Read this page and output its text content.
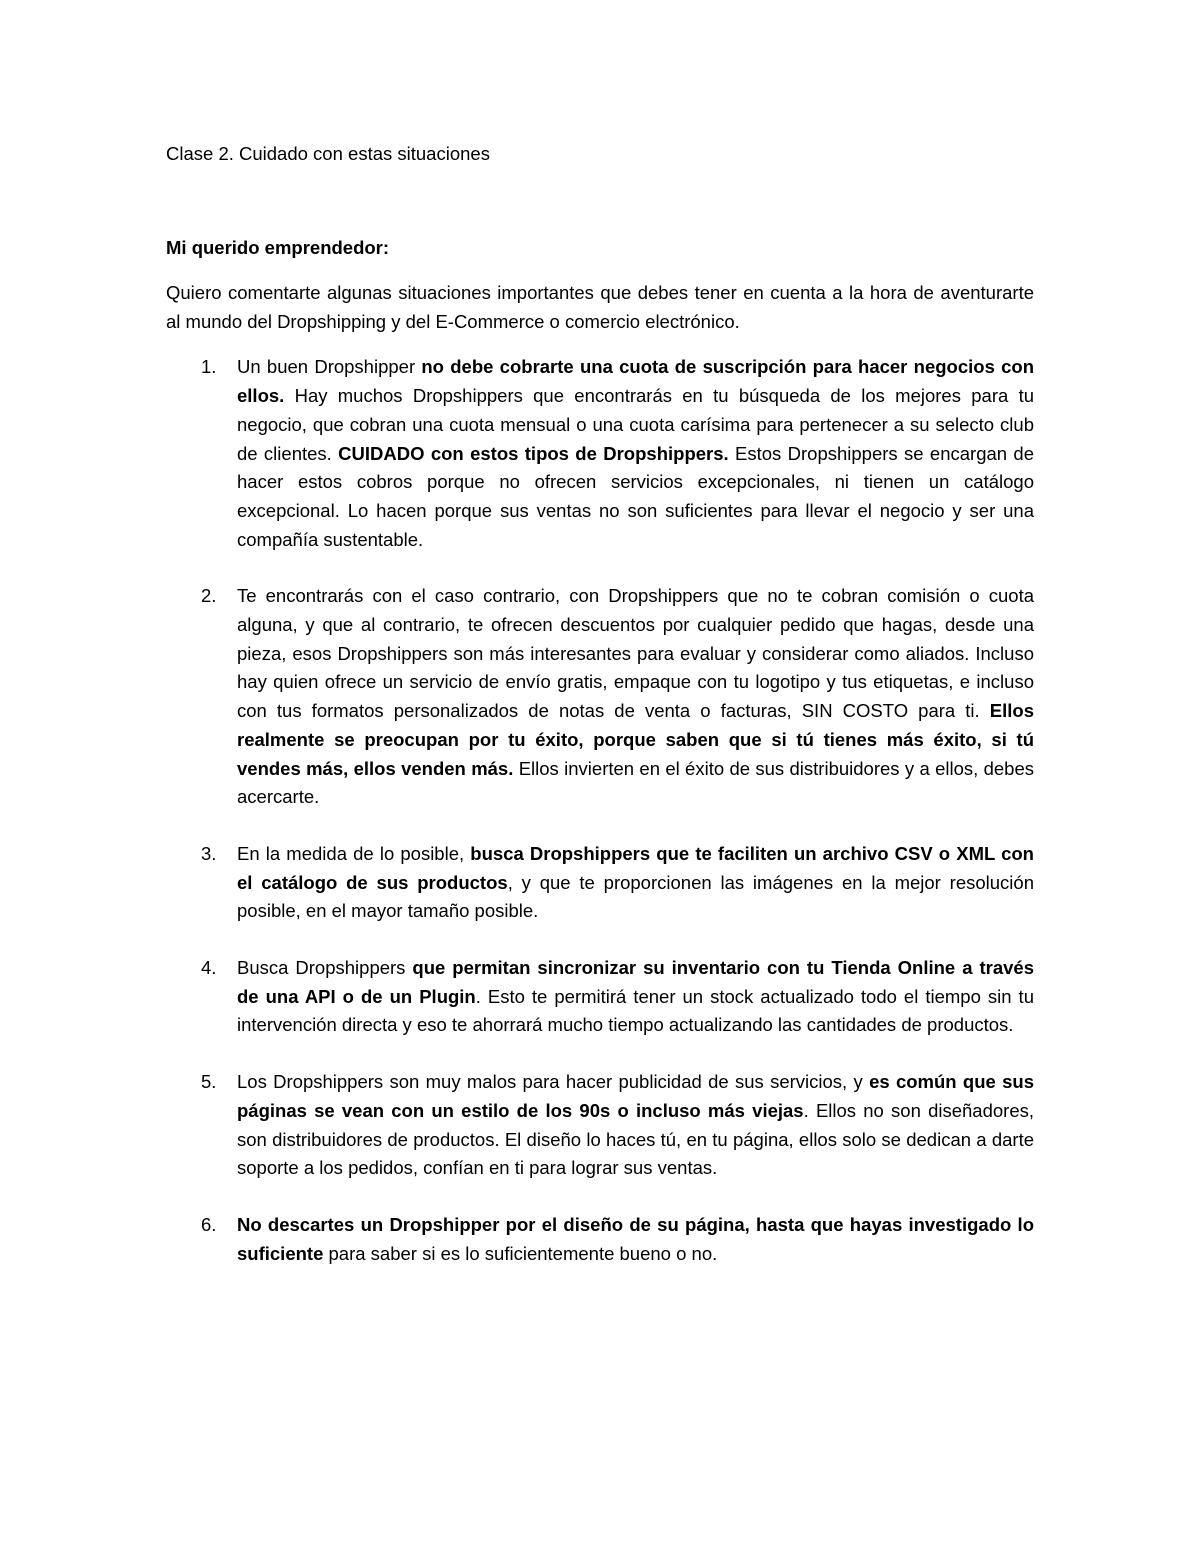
Clase 2. Cuidado con estas situaciones

Mi querido emprendedor:

Quiero comentarte algunas situaciones importantes que debes tener en cuenta a la hora de aventurarte al mundo del Dropshipping y del E-Commerce o comercio electrónico.

1. Un buen Dropshipper no debe cobrarte una cuota de suscripción para hacer negocios con ellos. Hay muchos Dropshippers que encontrarás en tu búsqueda de los mejores para tu negocio, que cobran una cuota mensual o una cuota carísima para pertenecer a su selecto club de clientes. CUIDADO con estos tipos de Dropshippers. Estos Dropshippers se encargan de hacer estos cobros porque no ofrecen servicios excepcionales, ni tienen un catálogo excepcional. Lo hacen porque sus ventas no son suficientes para llevar el negocio y ser una compañía sustentable.
2. Te encontrarás con el caso contrario, con Dropshippers que no te cobran comisión o cuota alguna, y que al contrario, te ofrecen descuentos por cualquier pedido que hagas, desde una pieza, esos Dropshippers son más interesantes para evaluar y considerar como aliados. Incluso hay quien ofrece un servicio de envío gratis, empaque con tu logotipo y tus etiquetas, e incluso con tus formatos personalizados de notas de venta o facturas, SIN COSTO para ti. Ellos realmente se preocupan por tu éxito, porque saben que si tú tienes más éxito, si tú vendes más, ellos venden más. Ellos invierten en el éxito de sus distribuidores y a ellos, debes acercarte.
3. En la medida de lo posible, busca Dropshippers que te faciliten un archivo CSV o XML con el catálogo de sus productos, y que te proporcionen las imágenes en la mejor resolución posible, en el mayor tamaño posible.
4. Busca Dropshippers que permitan sincronizar su inventario con tu Tienda Online a través de una API o de un Plugin. Esto te permitirá tener un stock actualizado todo el tiempo sin tu intervención directa y eso te ahorrará mucho tiempo actualizando las cantidades de productos.
5. Los Dropshippers son muy malos para hacer publicidad de sus servicios, y es común que sus páginas se vean con un estilo de los 90s o incluso más viejas. Ellos no son diseñadores, son distribuidores de productos. El diseño lo haces tú, en tu página, ellos solo se dedican a darte soporte a los pedidos, confían en ti para lograr sus ventas.
6. No descartes un Dropshipper por el diseño de su página, hasta que hayas investigado lo suficiente para saber si es lo suficientemente bueno o no.
